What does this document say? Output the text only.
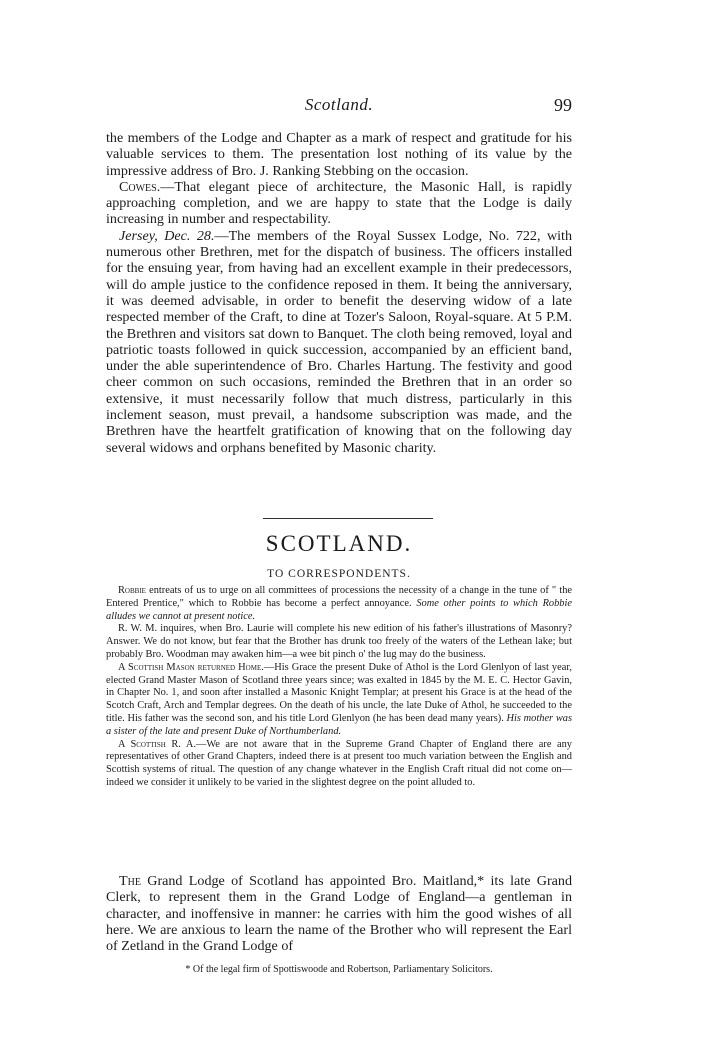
Scotland.	99

the members of the Lodge and Chapter as a mark of respect and gratitude for his valuable services to them. The presentation lost nothing of its value by the impressive address of Bro. J. Ranking Stebbing on the occasion.

Cowes.—That elegant piece of architecture, the Masonic Hall, is rapidly approaching completion, and we are happy to state that the Lodge is daily increasing in number and respectability.

Jersey, Dec. 28.—The members of the Royal Sussex Lodge, No. 722, with numerous other Brethren, met for the dispatch of business. The officers installed for the ensuing year, from having had an excellent example in their predecessors, will do ample justice to the confidence reposed in them. It being the anniversary, it was deemed advisable, in order to benefit the deserving widow of a late respected member of the Craft, to dine at Tozer's Saloon, Royal-square. At 5 P.M. the Brethren and visitors sat down to Banquet. The cloth being removed, loyal and patriotic toasts followed in quick succession, accompanied by an efficient band, under the able superintendence of Bro. Charles Hartung. The festivity and good cheer common on such occasions, reminded the Brethren that in an order so extensive, it must necessarily follow that much distress, particularly in this inclement season, must prevail, a handsome subscription was made, and the Brethren have the heartfelt gratification of knowing that on the following day several widows and orphans benefited by Masonic charity.

SCOTLAND.
TO CORRESPONDENTS.

Robbie entreats of us to urge on all committees of processions the necessity of a change in the tune of " the Entered Prentice," which to Robbie has become a perfect annoyance. Some other points to which Robbie alludes we cannot at present notice.

R. W. M. inquires, when Bro. Laurie will complete his new edition of his father's illustrations of Masonry? Answer. We do not know, but fear that the Brother has drunk too freely of the waters of the Lethean lake; but probably Bro. Woodman may awaken him—a wee bit pinch o' the lug may do the business.

A Scottish Mason returned Home.—His Grace the present Duke of Athol is the Lord Glenlyon of last year, elected Grand Master Mason of Scotland three years since; was exalted in 1845 by the M. E. C. Hector Gavin, in Chapter No. 1, and soon after installed a Masonic Knight Templar; at present his Grace is at the head of the Scotch Craft, Arch and Templar degrees. On the death of his uncle, the late Duke of Athol, he succeeded to the title. His father was the second son, and his title Lord Glenlyon (he has been dead many years). His mother was a sister of the late and present Duke of Northumberland.

A Scottish R. A.—We are not aware that in the Supreme Grand Chapter of England there are any representatives of other Grand Chapters, indeed there is at present too much variation between the English and Scottish systems of ritual. The question of any change whatever in the English Craft ritual did not come on—indeed we consider it unlikely to be varied in the slightest degree on the point alluded to.

The Grand Lodge of Scotland has appointed Bro. Maitland,* its late Grand Clerk, to represent them in the Grand Lodge of England—a gentleman in character, and inoffensive in manner: he carries with him the good wishes of all here. We are anxious to learn the name of the Brother who will represent the Earl of Zetland in the Grand Lodge of

* Of the legal firm of Spottiswoode and Robertson, Parliamentary Solicitors.
